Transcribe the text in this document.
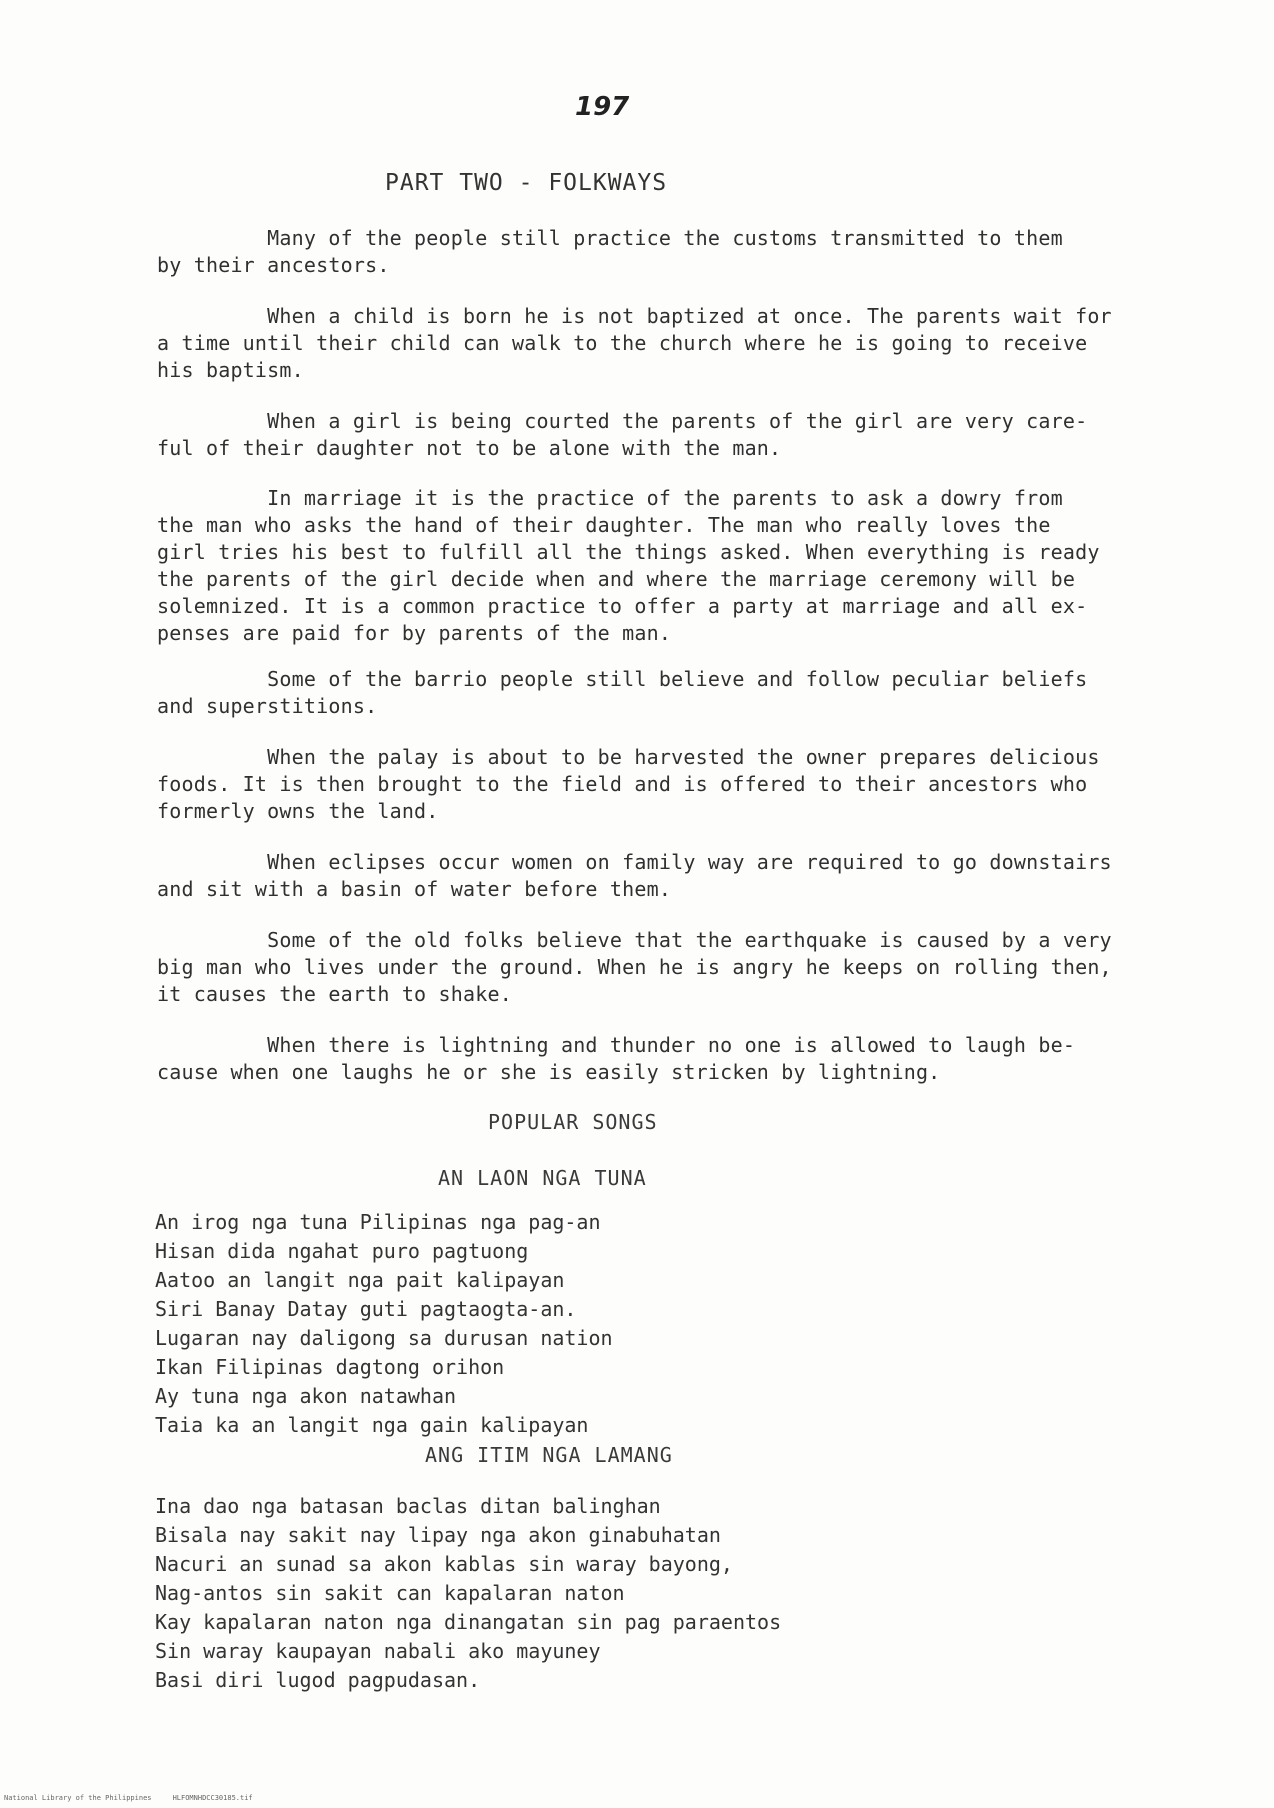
197
PART TWO - FOLKWAYS

Many of the people still practice the customs transmitted to them
by their ancestors.

When a child is born he is not baptized at once. The parents wait for
a time until their child can walk to the church where he is going to receive
his baptism.

When a girl is being courted the parents of the girl are very care-
ful of their daughter not to be alone with the man.

In marriage it is the practice of the parents to ask a dowry from
the man who asks the hand of their daughter. The man who really loves the
girl tries his best to fulfill all the things asked. When everything is ready
the parents of the girl decide when and where the marriage ceremony will be
solemnized. It is a common practice to offer a party at marriage and all ex-
penses are paid for by parents of the man.

Some of the barrio people still believe and follow peculiar beliefs
and superstitions.

When the palay is about to be harvested the owner prepares delicious
foods. It is then brought to the field and is offered to their ancestors who
formerly owns the land.

When eclipses occur women on family way are required to go downstairs
and sit with a basin of water before them.

Some of the old folks believe that the earthquake is caused by a very
big man who lives under the ground. When he is angry he keeps on rolling then,
it causes the earth to shake.

When there is lightning and thunder no one is allowed to laugh be-
cause when one laughs he or she is easily stricken by lightning.

POPULAR SONGS
AN LAON NGA TUNA
An irog nga tuna Pilipinas nga pag-an
Hisan dida ngahat puro pagtuong
Aatoo an langit nga pait kalipayan
Siri Banay Datay guti pagtaogta-an.
Lugaran nay daligong sa durusan nation
Ikan Filipinas dagtong orihon
Ay tuna nga akon natawhan
Taia ka an langit nga gain kalipayan
ANG ITIM NGA LAMANG
Ina dao nga batasan baclas ditan balinghan
Bisala nay sakit nay lipay nga akon ginabuhatan
Nacuri an sunad sa akon kablas sin waray bayong,
Nag-antos sin sakit can kapalaran naton
Kay kapalaran naton nga dinangatan sin pag paraentos
Sin waray kaupayan nabali ako mayuney
Basi diri lugod pagpudasan.
National Library of the Philippines     HLFOMNHDCC30185.tif
